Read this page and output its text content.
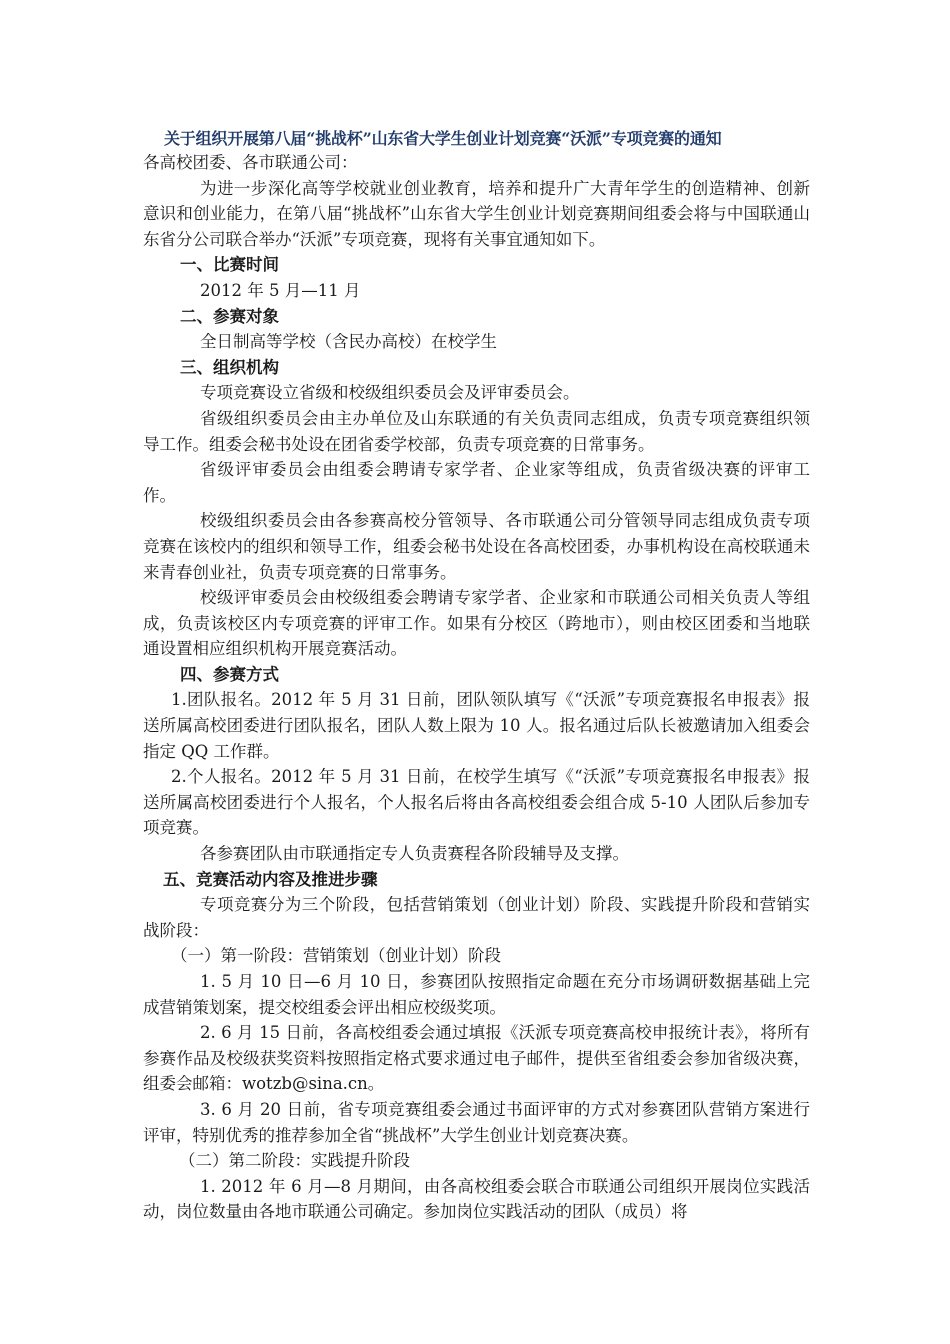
关于组织开展第八届“挑战杯”山东省大学生创业计划竞赛“沃派”专项竞赛的通知

各高校团委、各市联通公司：

为进一步深化高等学校就业创业教育，培养和提升广大青年学生的创造精神、创新意识和创业能力，在第八届“挑战杯”山东省大学生创业计划竞赛期间组委会将与中国联通山东省分公司联合举办“沃派”专项竞赛，现将有关事宜通知如下。

一、比赛时间

2012 年 5 月—11 月

二、参赛对象

全日制高等学校（含民办高校）在校学生

三、组织机构

专项竞赛设立省级和校级组织委员会及评审委员会。

省级组织委员会由主办单位及山东联通的有关负责同志组成，负责专项竞赛组织领导工作。组委会秘书处设在团省委学校部，负责专项竞赛的日常事务。

省级评审委员会由组委会聘请专家学者、企业家等组成，负责省级决赛的评审工作。

校级组织委员会由各参赛高校分管领导、各市联通公司分管领导同志组成负责专项竞赛在该校内的组织和领导工作，组委会秘书处设在各高校团委，办事机构设在高校联通未来青春创业社，负责专项竞赛的日常事务。

校级评审委员会由校级组委会聘请专家学者、企业家和市联通公司相关负责人等组成，负责该校区内专项竞赛的评审工作。如果有分校区（跨地市），则由校区团委和当地联通设置相应组织机构开展竞赛活动。

四、参赛方式

1.团队报名。2012 年 5 月 31 日前，团队领队填写《“沃派”专项竞赛报名申报表》报送所属高校团委进行团队报名，团队人数上限为 10 人。报名通过后队长被邀请加入组委会指定 QQ 工作群。

2.个人报名。2012 年 5 月 31 日前，在校学生填写《“沃派”专项竞赛报名申报表》报送所属高校团委进行个人报名，个人报名后将由各高校组委会组合成 5-10 人团队后参加专项竞赛。

各参赛团队由市联通指定专人负责赛程各阶段辅导及支撑。

五、竞赛活动内容及推进步骤

专项竞赛分为三个阶段，包括营销策划（创业计划）阶段、实践提升阶段和营销实战阶段：

（一）第一阶段：营销策划（创业计划）阶段

1. 5 月 10 日—6 月 10 日，参赛团队按照指定命题在充分市场调研数据基础上完成营销策划案，提交校组委会评出相应校级奖项。

2. 6 月 15 日前，各高校组委会通过填报《沃派专项竞赛高校申报统计表》，将所有参赛作品及校级获奖资料按照指定格式要求通过电子邮件，提供至省组委会参加省级决赛，组委会邮箱：wotzb@sina.cn。

3. 6 月 20 日前，省专项竞赛组委会通过书面评审的方式对参赛团队营销方案进行评审，特别优秀的推荐参加全省“挑战杯”大学生创业计划竞赛决赛。

（二）第二阶段：实践提升阶段

1. 2012 年 6 月—8 月期间，由各高校组委会联合市联通公司组织开展岗位实践活动，岗位数量由各地市联通公司确定。参加岗位实践活动的团队（成员）将
